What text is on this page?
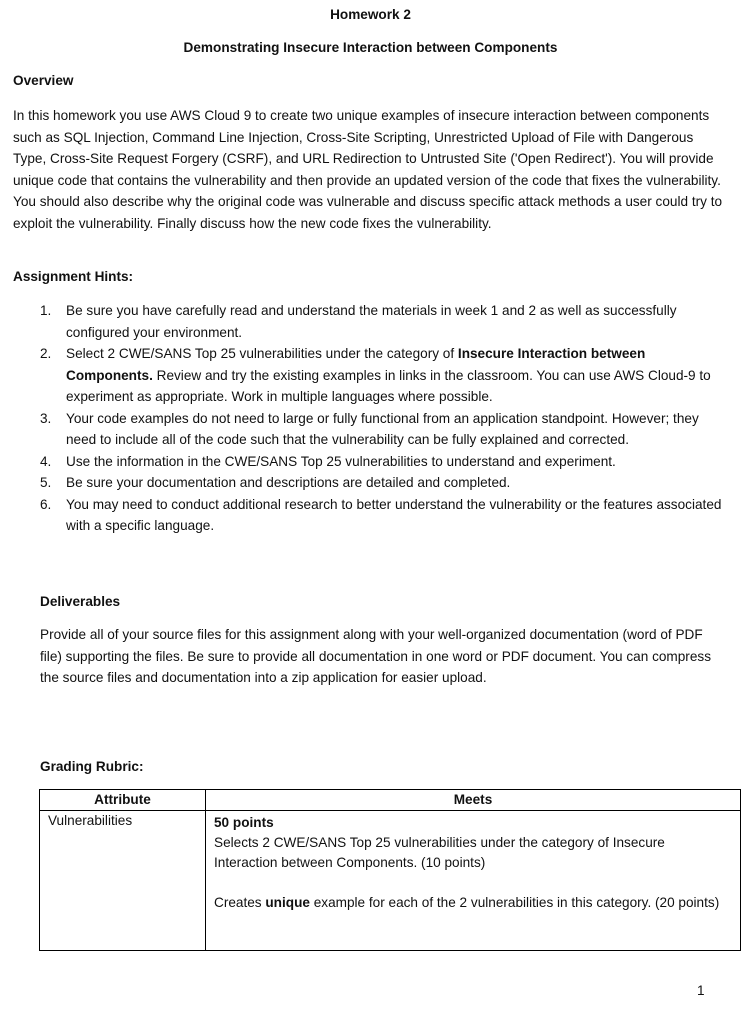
Homework 2
Demonstrating Insecure Interaction between Components
Overview

In this homework you use AWS Cloud 9 to create two unique examples of insecure interaction between components such as SQL Injection, Command Line Injection, Cross-Site Scripting, Unrestricted Upload of File with Dangerous Type, Cross-Site Request Forgery (CSRF), and URL Redirection to Untrusted Site ('Open Redirect'). You will provide unique code that contains the vulnerability and then provide an updated version of the code that fixes the vulnerability. You should also describe why the original code was vulnerable and discuss specific attack methods a user could try to exploit the vulnerability. Finally discuss how the new code fixes the vulnerability.

Assignment Hints:
1. Be sure you have carefully read and understand the materials in week 1 and 2 as well as successfully configured your environment.
2. Select 2 CWE/SANS Top 25 vulnerabilities under the category of Insecure Interaction between Components. Review and try the existing examples in links in the classroom. You can use AWS Cloud-9 to experiment as appropriate. Work in multiple languages where possible.
3. Your code examples do not need to large or fully functional from an application standpoint. However; they need to include all of the code such that the vulnerability can be fully explained and corrected.
4. Use the information in the CWE/SANS Top 25 vulnerabilities to understand and experiment.
5. Be sure your documentation and descriptions are detailed and completed.
6. You may need to conduct additional research to better understand the vulnerability or the features associated with a specific language.
Deliverables

Provide all of your source files for this assignment along with your well-organized documentation (word of PDF file) supporting the files. Be sure to provide all documentation in one word or PDF document. You can compress the source files and documentation into a zip application for easier upload.

Grading Rubric:
Attribute	Meets
Vulnerabilities	50 points
Selects 2 CWE/SANS Top 25 vulnerabilities under the category of Insecure Interaction between Components. (10 points)
Creates unique example for each of the 2 vulnerabilities in this category. (20 points)
1
